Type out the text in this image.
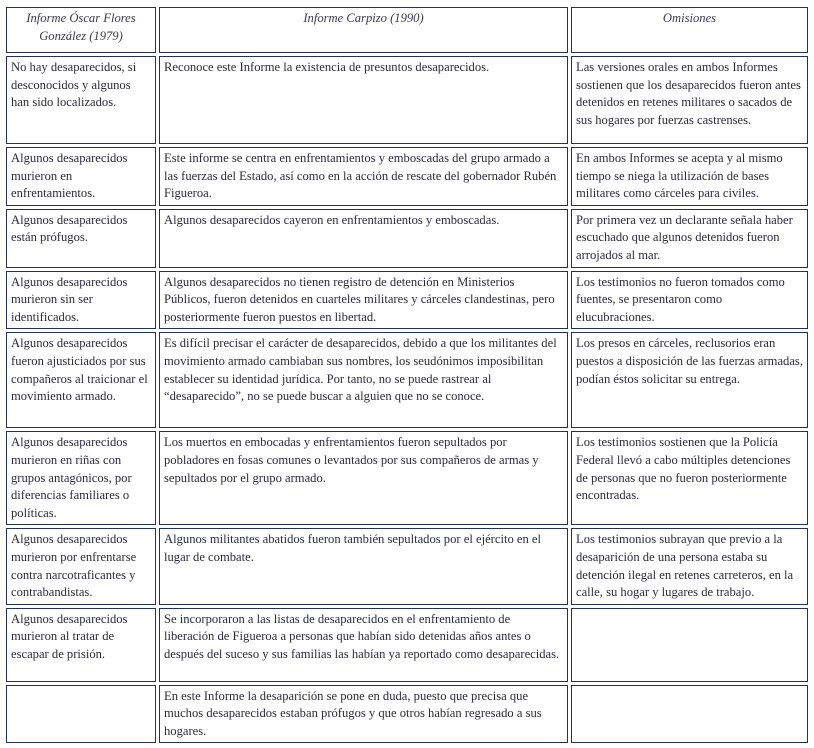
Informe Óscar Flores González (1979)	Informe Carpizo (1990)	Omisiones
No hay desaparecidos, si desconocidos y algunos han sido localizados.	Reconoce este Informe la existencia de presuntos desaparecidos.	Las versiones orales en ambos Informes sostienen que los desaparecidos fueron antes detenidos en retenes militares o sacados de sus hogares por fuerzas castrenses.
Algunos desaparecidos murieron en enfrentamientos.	Este informe se centra en enfrentamientos y emboscadas del grupo armado a las fuerzas del Estado, así como en la acción de rescate del gobernador Rubén Figueroa.	En ambos Informes se acepta y al mismo tiempo se niega la utilización de bases militares como cárceles para civiles.
Algunos desaparecidos están prófugos.	Algunos desaparecidos cayeron en enfrentamientos y emboscadas.	Por primera vez un declarante señala haber escuchado que algunos detenidos fueron arrojados al mar.
Algunos desaparecidos murieron sin ser identificados.	Algunos desaparecidos no tienen registro de detención en Ministerios Públicos, fueron detenidos en cuarteles militares y cárceles clandestinas, pero posteriormente fueron puestos en libertad.	Los testimonios no fueron tomados como fuentes, se presentaron como elucubraciones.
Algunos desaparecidos fueron ajusticiados por sus compañeros al traicionar el movimiento armado.	Es difícil precisar el carácter de desaparecidos, debido a que los militantes del movimiento armado cambiaban sus nombres, los seudónimos imposibilitan establecer su identidad jurídica. Por tanto, no se puede rastrear al “desaparecido”, no se puede buscar a alguien que no se conoce.	Los presos en cárceles, reclusorios eran puestos a disposición de las fuerzas armadas, podían éstos solicitar su entrega.
Algunos desaparecidos murieron en riñas con grupos antagónicos, por diferencias familiares o políticas.	Los muertos en embocadas y enfrentamientos fueron sepultados por pobladores en fosas comunes o levantados por sus compañeros de armas y sepultados por el grupo armado.	Los testimonios sostienen que la Policía Federal llevó a cabo múltiples detenciones de personas que no fueron posteriormente encontradas.
Algunos desaparecidos murieron por enfrentarse contra narcotraficantes y contrabandistas.	Algunos militantes abatidos fueron también sepultados por el ejército en el lugar de combate.	Los testimonios subrayan que previo a la desaparición de una persona estaba su detención ilegal en retenes carreteros, en la calle, su hogar y lugares de trabajo.
Algunos desaparecidos murieron al tratar de escapar de prisión.	Se incorporaron a las listas de desaparecidos en el enfrentamiento de liberación de Figueroa a personas que habían sido detenidas años antes o después del suceso y sus familias las habían ya reportado como desaparecidas.	
	En este Informe la desaparición se pone en duda, puesto que precisa que muchos desaparecidos estaban prófugos y que otros habían regresado a sus hogares.	
